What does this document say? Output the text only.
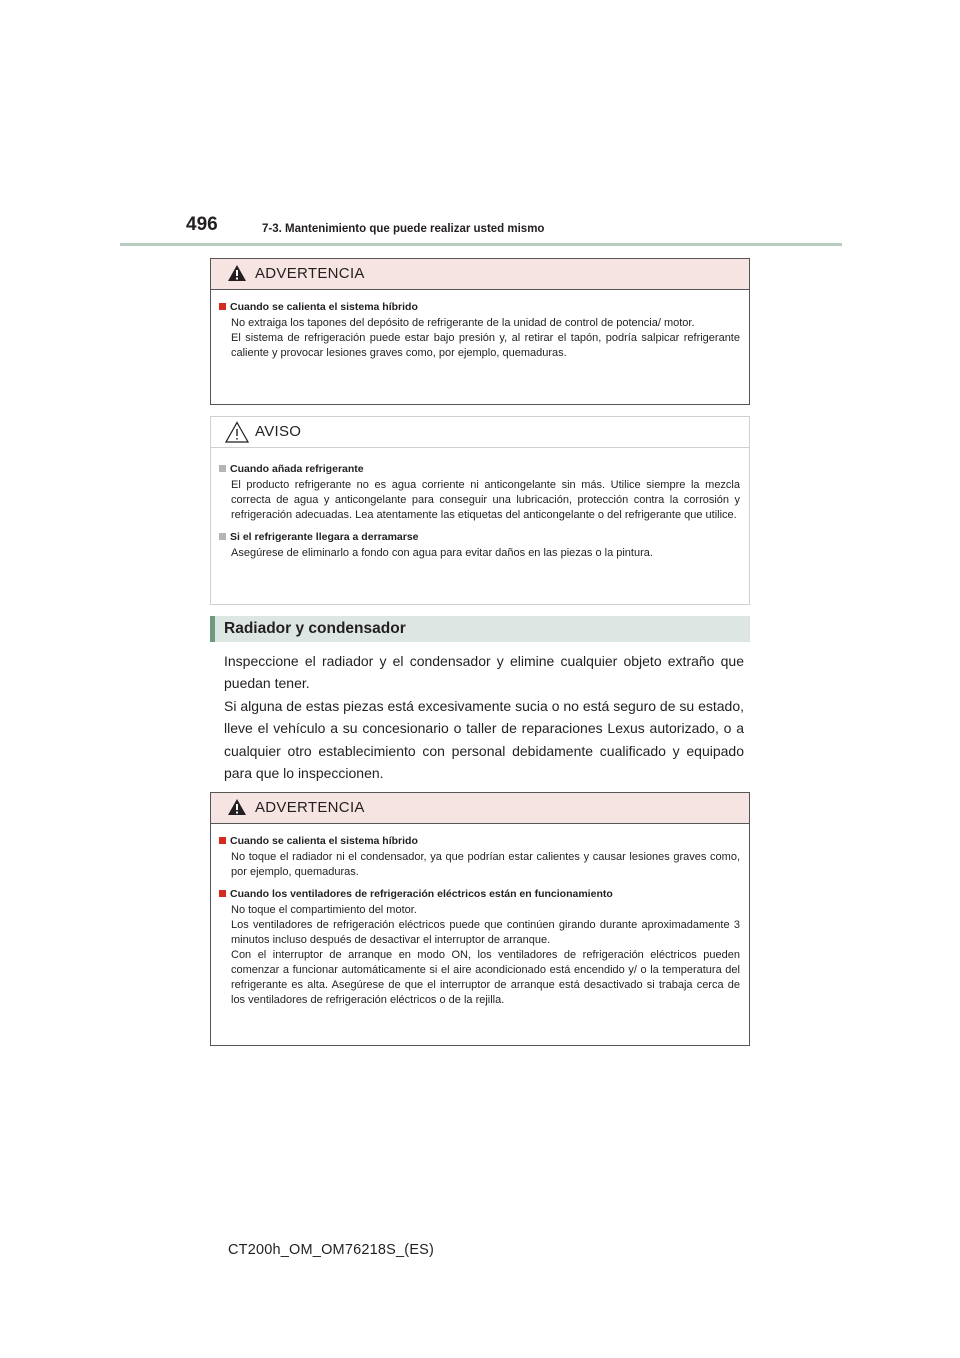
496	7-3. Mantenimiento que puede realizar usted mismo
ADVERTENCIA
Cuando se calienta el sistema híbrido

No extraiga los tapones del depósito de refrigerante de la unidad de control de potencia/ motor.

El sistema de refrigeración puede estar bajo presión y, al retirar el tapón, podría salpicar refrigerante caliente y provocar lesiones graves como, por ejemplo, quemaduras.

AVISO
Cuando añada refrigerante

El producto refrigerante no es agua corriente ni anticongelante sin más. Utilice siempre la mezcla correcta de agua y anticongelante para conseguir una lubricación, protección contra la corrosión y refrigeración adecuadas. Lea atentamente las etiquetas del anticongelante o del refrigerante que utilice.

Si el refrigerante llegara a derramarse

Asegúrese de eliminarlo a fondo con agua para evitar daños en las piezas o la pintura.

Radiador y condensador

Inspeccione el radiador y el condensador y elimine cualquier objeto extraño que puedan tener.

Si alguna de estas piezas está excesivamente sucia o no está seguro de su estado, lleve el vehículo a su concesionario o taller de reparaciones Lexus autorizado, o a cualquier otro establecimiento con personal debidamente cualificado y equipado para que lo inspeccionen.

ADVERTENCIA
Cuando se calienta el sistema híbrido

No toque el radiador ni el condensador, ya que podrían estar calientes y causar lesiones graves como, por ejemplo, quemaduras.

Cuando los ventiladores de refrigeración eléctricos están en funcionamiento

No toque el compartimiento del motor.

Los ventiladores de refrigeración eléctricos puede que continúen girando durante aproximadamente 3 minutos incluso después de desactivar el interruptor de arranque.

Con el interruptor de arranque en modo ON, los ventiladores de refrigeración eléctricos pueden comenzar a funcionar automáticamente si el aire acondicionado está encendido y/ o la temperatura del refrigerante es alta. Asegúrese de que el interruptor de arranque está desactivado si trabaja cerca de los ventiladores de refrigeración eléctricos o de la rejilla.

CT200h_OM_OM76218S_(ES)
